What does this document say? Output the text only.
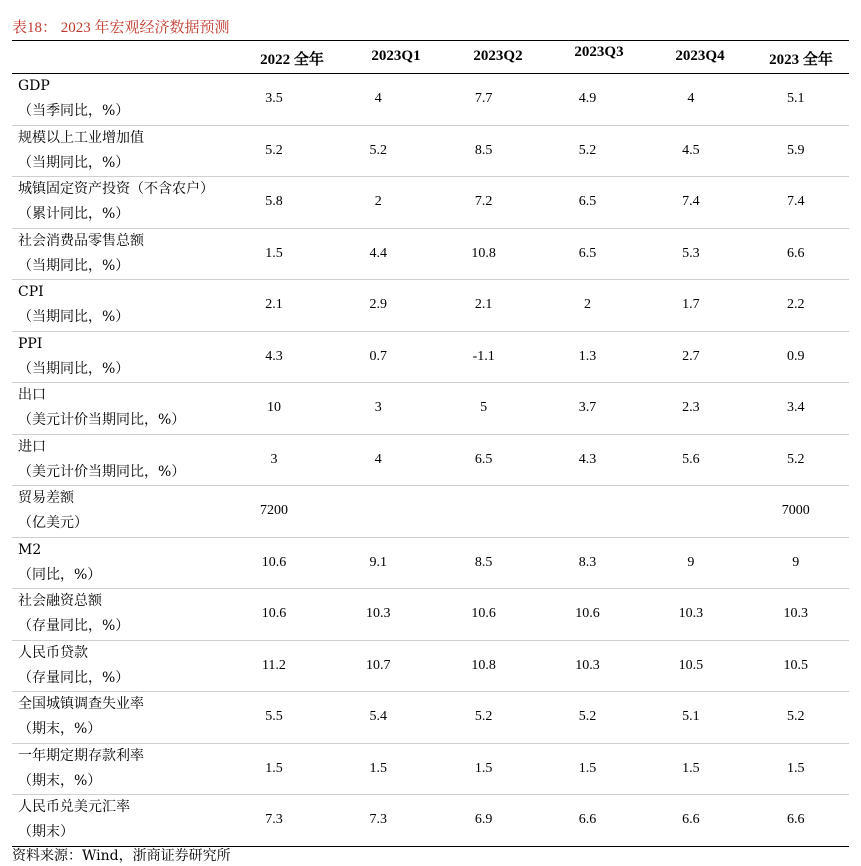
表18： 2023 年宏观经济数据预测
2022 全年	2023Q1	2023Q2	2023Q3	2023Q4	2023 全年
GDP
（当季同比，%）	3.5	4	7.7	4.9	4	5.1

规模以上工业增加值
（当期同比，%）	5.2	5.2	8.5	5.2	4.5	5.9

城镇固定资产投资（不含农户）
（累计同比，%）	5.8	2	7.2	6.5	7.4	7.4

社会消费品零售总额
（当期同比，%）	1.5	4.4	10.8	6.5	5.3	6.6

CPI
（当期同比，%）	2.1	2.9	2.1	2	1.7	2.2

PPI
（当期同比，%）	4.3	0.7	-1.1	1.3	2.7	0.9

出口
（美元计价当期同比，%）	10	3	5	3.7	2.3	3.4

进口
（美元计价当期同比，%）	3	4	6.5	4.3	5.6	5.2

贸易差额
（亿美元）	7200					7000

M2
（同比，%）	10.6	9.1	8.5	8.3	9	9

社会融资总额
（存量同比，%）	10.6	10.3	10.6	10.6	10.3	10.3

人民币贷款
（存量同比，%）	11.2	10.7	10.8	10.3	10.5	10.5

全国城镇调查失业率
（期末，%）	5.5	5.4	5.2	5.2	5.1	5.2

一年期定期存款利率
（期末，%）	1.5	1.5	1.5	1.5	1.5	1.5

人民币兑美元汇率
（期末）	7.3	7.3	6.9	6.6	6.6	6.6
资料来源：Wind，浙商证券研究所
